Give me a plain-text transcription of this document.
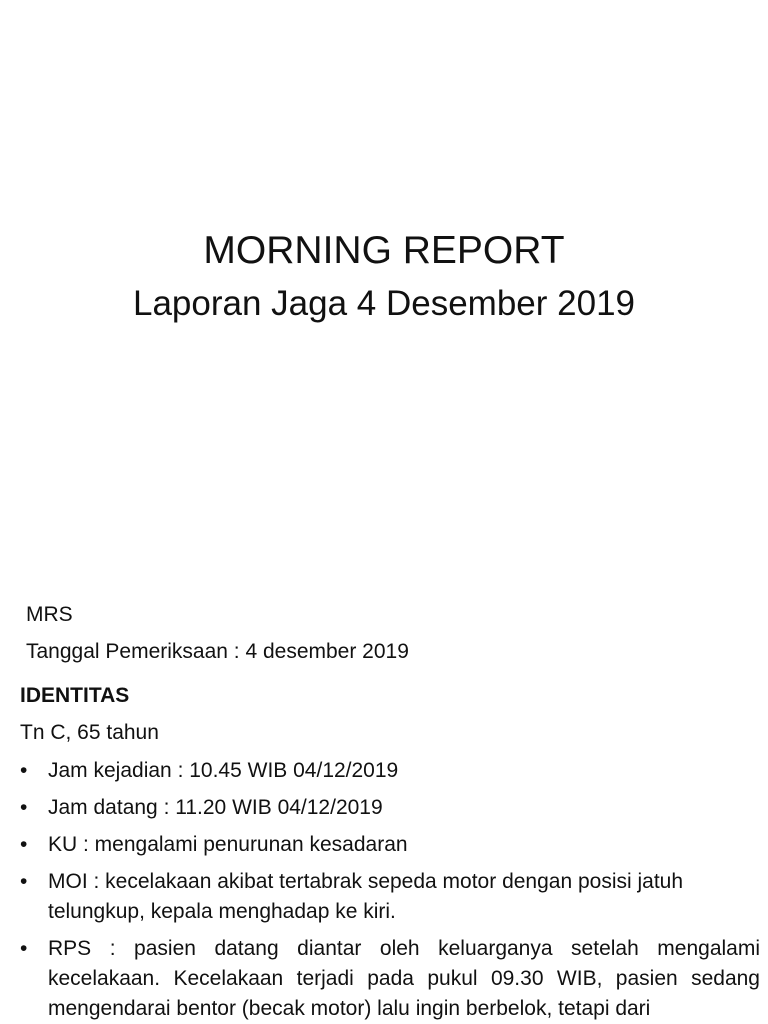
MORNING REPORT
Laporan Jaga 4 Desember 2019
MRS
Tanggal Pemeriksaan : 4 desember 2019
IDENTITAS
Tn C, 65 tahun
• Jam kejadian : 10.45 WIB 04/12/2019
• Jam datang : 11.20 WIB 04/12/2019
• KU : mengalami penurunan kesadaran
• MOI : kecelakaan akibat tertabrak sepeda motor dengan posisi jatuh telungkup, kepala menghadap ke kiri.
• RPS : pasien datang diantar oleh keluarganya setelah mengalami kecelakaan. Kecelakaan terjadi pada pukul 09.30 WIB, pasien sedang mengendarai bentor (becak motor) lalu ingin berbelok, tetapi dari
